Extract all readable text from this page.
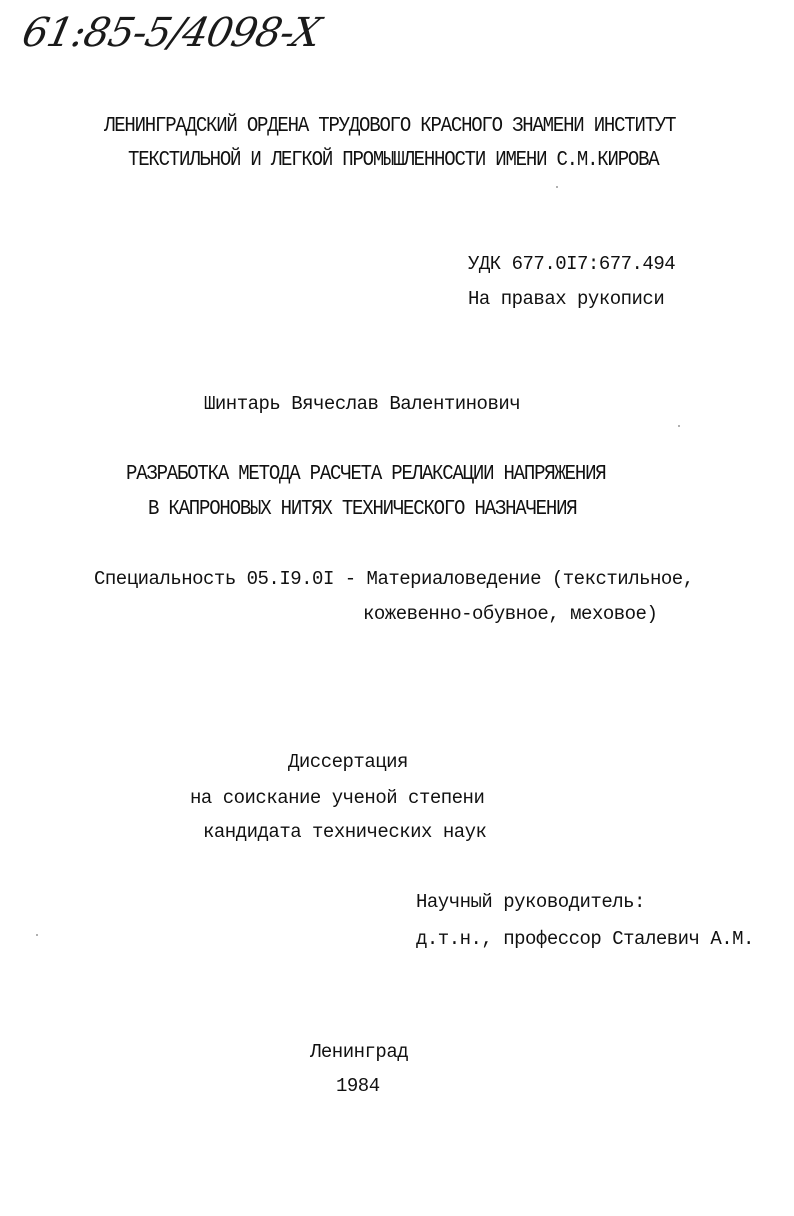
61:85-5/4098-X
ЛЕНИНГРАДСКИЙ ОРДЕНА ТРУДОВОГО КРАСНОГО ЗНАМЕНИ ИНСТИТУТ
ТЕКСТИЛЬНОЙ И ЛЕГКОЙ ПРОМЫШЛЕННОСТИ ИМЕНИ С.М.КИРОВА
УДК 677.0I7:677.494
На правах рукописи
Шинтарь Вячеслав Валентинович
РАЗРАБОТКА МЕТОДА РАСЧЕТА РЕЛАКСАЦИИ НАПРЯЖЕНИЯ
В КАПРОНОВЫХ НИТЯХ ТЕХНИЧЕСКОГО НАЗНАЧЕНИЯ
Специальность 05.I9.0I - Материаловедение (текстильное,
кожевенно-обувное, меховое)
Диссертация
на соискание ученой степени
кандидата технических наук
Научный руководитель:
д.т.н., профессор Сталевич А.М.
Ленинград
1984
